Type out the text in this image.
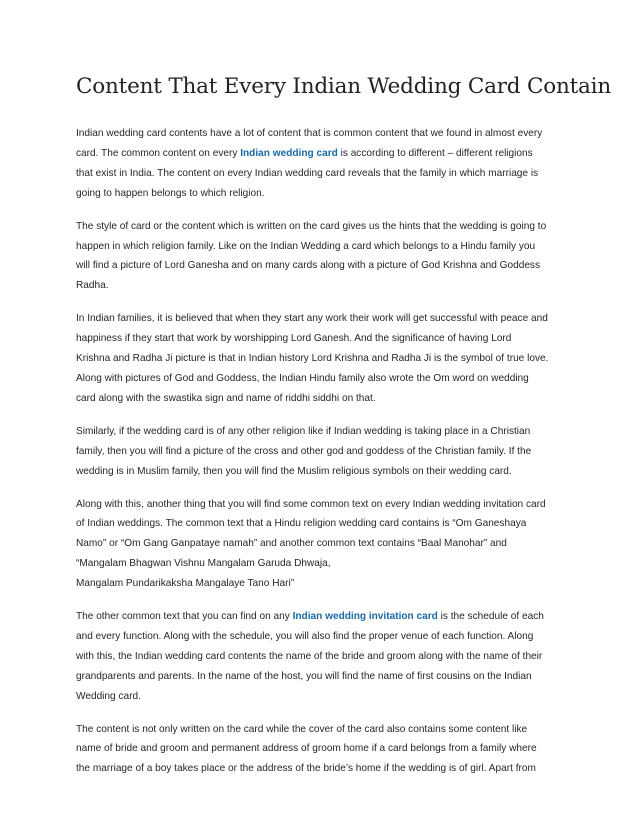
Content That Every Indian Wedding Card Contain
Indian wedding card contents have a lot of content that is common content that we found in almost every
card. The common content on every Indian wedding card is according to different – different religions
that exist in India. The content on every Indian wedding card reveals that the family in which marriage is
going to happen belongs to which religion.
The style of card or the content which is written on the card gives us the hints that the wedding is going to
happen in which religion family. Like on the Indian Wedding a card which belongs to a Hindu family you
will find a picture of Lord Ganesha and on many cards along with a picture of God Krishna and Goddess
Radha.
In Indian families, it is believed that when they start any work their work will get successful with peace and
happiness if they start that work by worshipping Lord Ganesh. And the significance of having Lord
Krishna and Radha Ji picture is that in Indian history Lord Krishna and Radha Ji is the symbol of true love.
Along with pictures of God and Goddess, the Indian Hindu family also wrote the Om word on wedding
card along with the swastika sign and name of riddhi siddhi on that.
Similarly, if the wedding card is of any other religion like if Indian wedding is taking place in a Christian
family, then you will find a picture of the cross and other god and goddess of the Christian family. If the
wedding is in Muslim family, then you will find the Muslim religious symbols on their wedding card.
Along with this, another thing that you will find some common text on every Indian wedding invitation card
of Indian weddings. The common text that a Hindu religion wedding card contains is “Om Ganeshaya
Namo” or “Om Gang Ganpataye namah” and another common text contains “Baal Manohar” and
“Mangalam Bhagwan Vishnu Mangalam Garuda Dhwaja,
Mangalam Pundarikaksha Mangalaye Tano Hari”
The other common text that you can find on any Indian wedding invitation card is the schedule of each
and every function. Along with the schedule, you will also find the proper venue of each function. Along
with this, the Indian wedding card contents the name of the bride and groom along with the name of their
grandparents and parents. In the name of the host, you will find the name of first cousins on the Indian
Wedding card.
The content is not only written on the card while the cover of the card also contains some content like
name of bride and groom and permanent address of groom home if a card belongs from a family where
the marriage of a boy takes place or the address of the bride’s home if the wedding is of girl. Apart from
